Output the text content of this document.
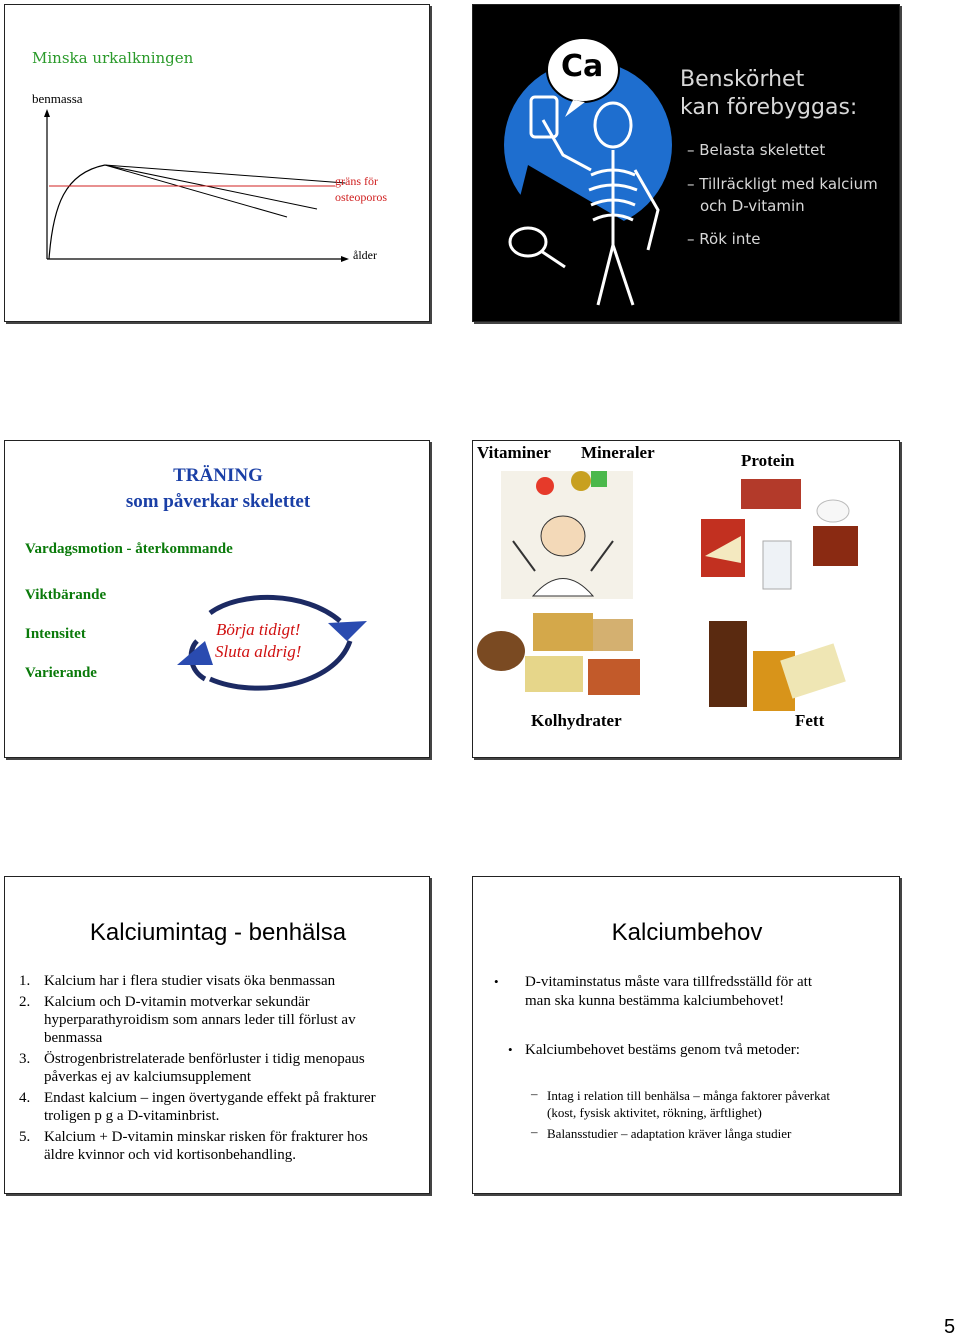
Minska urkalkningen
benmassa
gräns för
osteoporos
ålder
Ca	Benskörhet
kan förebyggas:
– Belasta skelettet
– Tillräckligt med kalcium
och D-vitamin
– Rök inte
TRÄNING
som påverkar skelettet
Vardagsmotion - återkommande
Viktbärande
Intensitet
Varierande
Börja tidigt!
Sluta aldrig!
Vitaminer Mineraler	Protein
Kolhydrater	Fett
Kalciumintag - benhälsa
1. Kalcium har i flera studier visats öka benmassan
2. Kalcium och D-vitamin motverkar sekundär hyperparathyroidism som annars leder till förlust av benmassa
3. Östrogenbristrelaterade benförluster i tidig menopaus påverkas ej av kalciumsupplement
4. Endast kalcium – ingen övertygande effekt på frakturer troligen p g a D-vitaminbrist.
5. Kalcium + D-vitamin minskar risken för frakturer hos äldre kvinnor och vid kortisonbehandling.
Kalciumbehov
D-vitaminstatus måste vara tillfredsställd för att
man ska kunna bestämma kalciumbehovet!
•
Kalciumbehovet bestäms genom två metoder:
•
– Intag i relation till benhälsa – många faktorer påverkat
(kost, fysisk aktivitet, rökning, ärftlighet)
– Balansstudier – adaptation kräver långa studier
5
